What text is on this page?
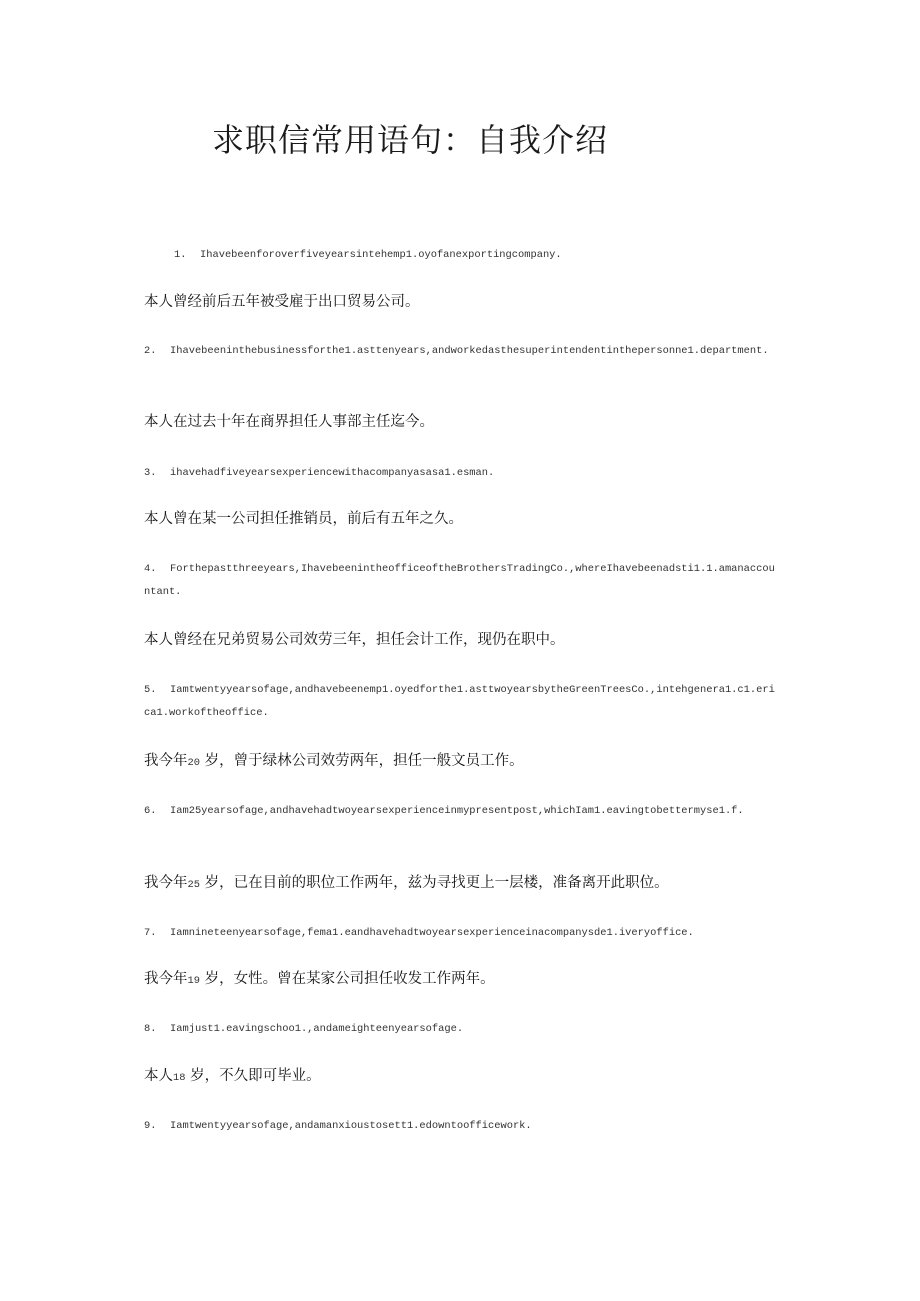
求职信常用语句：自我介绍

1. Ihavebeenforoverfiveyearsintehemp1.oyofanexportingcompany.

本人曾经前后五年被受雇于出口贸易公司。

2. Ihavebeeninthebusinessforthe1.asttenyears,andworkedasthesuperintendentinthepersonne1.department.

本人在过去十年在商界担任人事部主任迄今。

3. ihavehadfiveyearsexperiencewithacompanyasasa1.esman.

本人曾在某一公司担任推销员，前后有五年之久。

4. Forthepastthreeyears,IhavebeenintheofficeoftheBrothersTradingCo.,whereIhavebeenadsti1.1.amanaccountant.

本人曾经在兄弟贸易公司效劳三年，担任会计工作，现仍在职中。

5. Iamtwentyyearsofage,andhavebeenemp1.oyedforthe1.asttwoyearsbytheGreenTreesCo.,intehgenera1.c1.erica1.workoftheoffice.

我今年20 岁，曾于绿林公司效劳两年，担任一般文员工作。

6. Iam25yearsofage,andhavehadtwoyearsexperienceinmypresentpost,whichIam1.eavingtobettermyse1.f.

我今年25 岁，已在目前的职位工作两年，兹为寻找更上一层楼，准备离开此职位。

7. Iamnineteenyearsofage,fema1.eandhavehadtwoyearsexperienceinacompanysde1.iveryoffice.

我今年19 岁，女性。曾在某家公司担任收发工作两年。

8. Iamjust1.eavingschoo1.,andameighteenyearsofage.

本人18 岁，不久即可毕业。

9. Iamtwentyyearsofage,andamanxioustosett1.edowntoofficework.
